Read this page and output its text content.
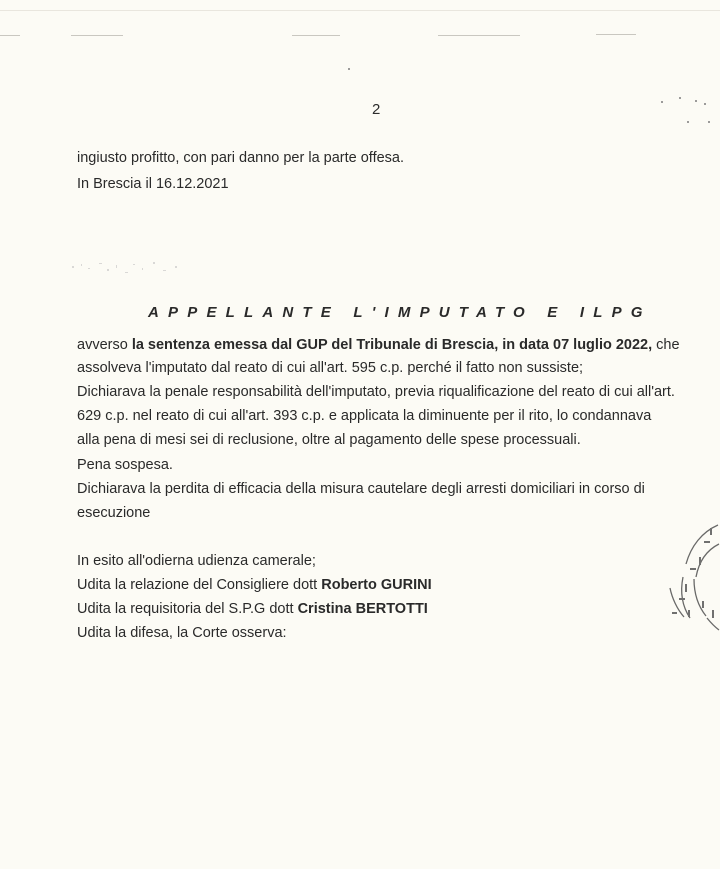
2
ingiusto profitto, con pari danno per la parte offesa.
In Brescia il 16.12.2021
APPELLANTE L'IMPUTATO E ILPG
avverso la sentenza emessa dal GUP del Tribunale di Brescia, in data 07 luglio 2022, che
assolveva l'imputato dal reato di cui all'art. 595 c.p. perché il fatto non sussiste;
Dichiarava la penale responsabilità dell'imputato, previa riqualificazione del reato di cui all'art.
629 c.p. nel reato di cui all'art. 393 c.p. e applicata la diminuente per il rito, lo condannava
alla pena di mesi sei di reclusione, oltre al pagamento delle spese processuali.
Pena sospesa.
Dichiarava la perdita di efficacia della misura cautelare degli arresti domiciliari in corso di
esecuzione
In esito all'odierna udienza camerale;
Udita la relazione del Consigliere dott Roberto GURINI
Udita la requisitoria del S.P.G dott Cristina BERTOTTI
Udita la difesa, la Corte osserva:
